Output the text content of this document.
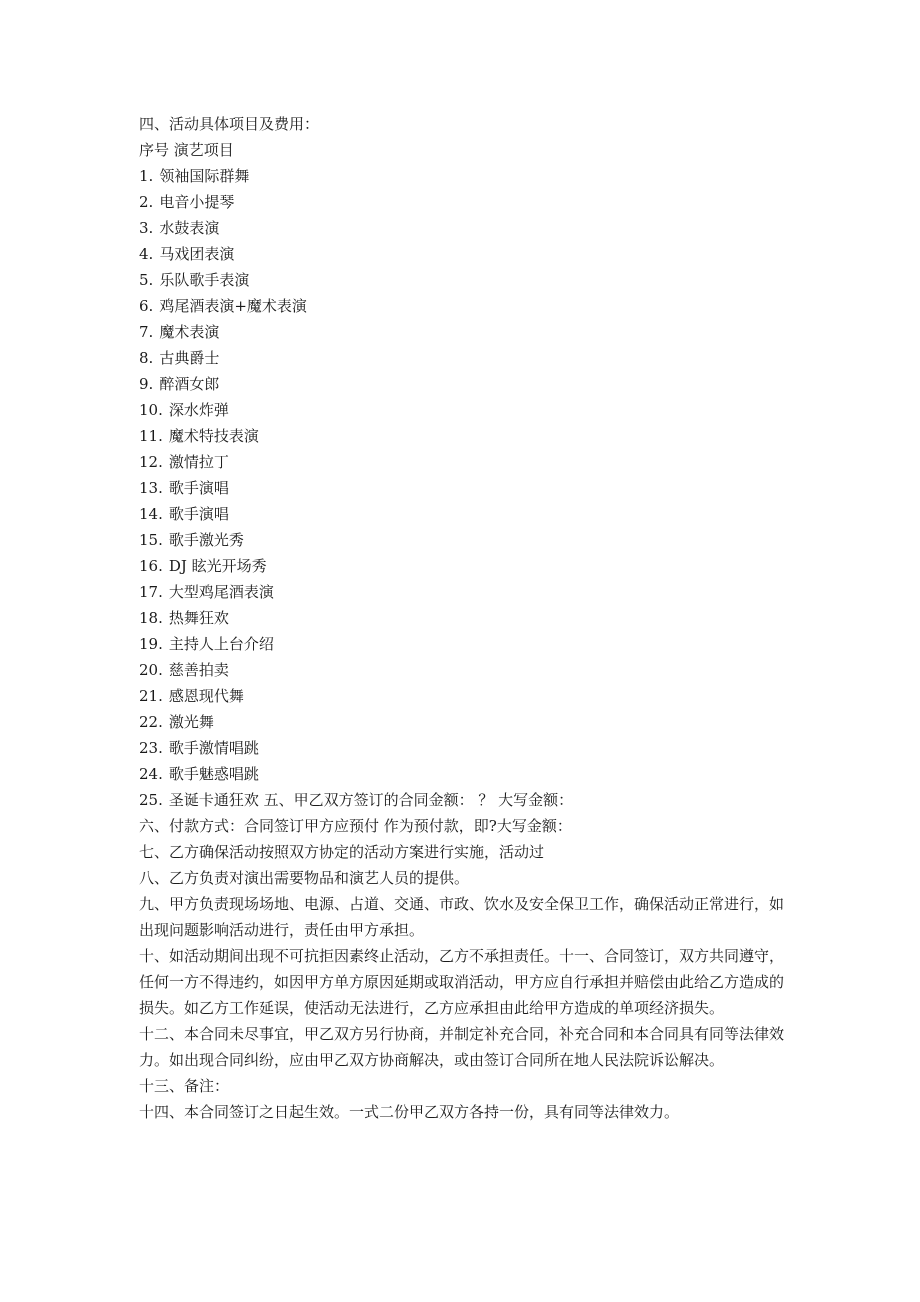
四、活动具体项目及费用：

序号 演艺项目

1. 领袖国际群舞

2. 电音小提琴

3. 水鼓表演

4. 马戏团表演

5. 乐队歌手表演

6. 鸡尾酒表演+魔术表演

7. 魔术表演

8. 古典爵士

9. 醉酒女郎

10. 深水炸弹

11. 魔术特技表演

12. 激情拉丁

13. 歌手演唱

14. 歌手演唱

15. 歌手激光秀

16. DJ 眩光开场秀

17. 大型鸡尾酒表演

18. 热舞狂欢

19. 主持人上台介绍

20. 慈善拍卖

21. 感恩现代舞

22. 激光舞

23. 歌手激情唱跳

24. 歌手魅惑唱跳

25. 圣诞卡通狂欢 五、甲乙双方签订的合同金额： ？ 大写金额：

六、付款方式：合同签订甲方应预付 作为预付款，即?大写金额：

七、乙方确保活动按照双方协定的活动方案进行实施，活动过

八、乙方负责对演出需要物品和演艺人员的提供。

九、甲方负责现场场地、电源、占道、交通、市政、饮水及安全保卫工作，确保活动正常进行，如出现问题影响活动进行，责任由甲方承担。

十、如活动期间出现不可抗拒因素终止活动，乙方不承担责任。十一、合同签订，双方共同遵守，任何一方不得违约，如因甲方单方原因延期或取消活动，甲方应自行承担并赔偿由此给乙方造成的损失。如乙方工作延误，使活动无法进行，乙方应承担由此给甲方造成的单项经济损失。

十二、本合同未尽事宜，甲乙双方另行协商，并制定补充合同，补充合同和本合同具有同等法律效力。如出现合同纠纷，应由甲乙双方协商解决，或由签订合同所在地人民法院诉讼解决。

十三、备注：

十四、本合同签订之日起生效。一式二份甲乙双方各持一份，具有同等法律效力。
